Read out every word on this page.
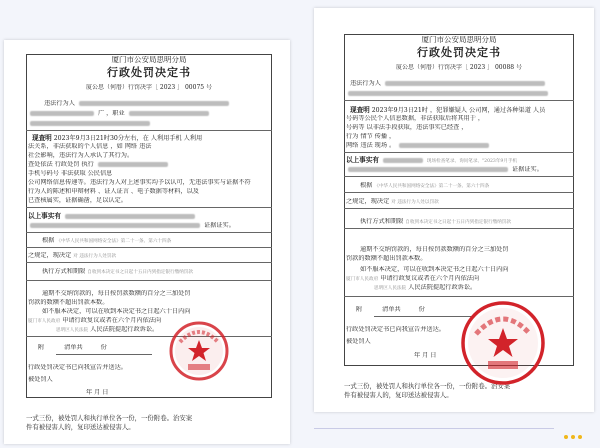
厦门市公安局思明分局
行政处罚决定书
厦公思（何厝）行罚决字［ 2023 ］ 00075 号
违法行为人
广 ，职业
现查明 2023年9月3日21时30分左右，在 人利用手机 人利用
法关系，非法获取的个人信息 ，如 网络 违法
社会影响，违法行为人承认了其行为。
查处依法 行政处罚 执行
手机号码号 非法获取 公民信息
公司网络信息传递等。违法行为人对上述事实均予以认可，无违法事实与证据不符
行为人的陈述和申辩材料 、证人证言 、电子数据等材料，以及
已查核属实，证据确凿，足以认定。
以上事实有
证据证实。
根据 《中华人民共和国网络安全法》第二十一条、第六十四条
之规定，现决定 对 违法行为人处罚款
执行方式和期限 自收到本决定书之日起十五日内到指定银行缴纳罚款
逾期不交纳罚款的，每日按罚款数额的百分之三加处罚
罚款的数额不超出罚款本数。
如不服本决定，可以在收到本决定书之日起六十日内向
厦门市人民政府 申请行政复议或者在六个月内依法向
思明区人民法院 人民法院提起行政诉讼。
附	清单共	份
行政处罚决定书已向我宣告并送达。
被处罚人
年 月 日
一式三份，被处罚人和执行单位各一份，一份附卷。治安案
件有被侵害人的，复印送达被侵害人。
厦门市公安局思明分局
行政处罚决定书
厦公思（何厝）行罚决字［ 2023 ］ 00088 号
违法行为人
现查明 2023年9月3日21时 ，犯罪嫌疑人 公司网，通过各种渠道 人员
号码等公民个人信息数据，非法获取后将其用于 ，
号码等 以非法手段获取，违法事实已经查 ，
行为 情节 传播 ，
网络 违法 现场 。
以上事实有	现场检查笔录、询问笔录、"2023年9月手机
证据证实。
根据 《中华人民共和国网络安全法》第二十一条、第六十四条
之规定，现决定 对 违法行为人处以罚款
执行方式和期限 自收到本决定书之日起十五日内到指定银行缴纳罚款
逾期不交纳罚款的，每日按罚款数额的百分之三加处罚
罚款的数额不超出罚款本数。
如不服本决定，可以在收到本决定书之日起六十日内向
厦门市人民政府 申请行政复议或者在六个月内依法向
思明区人民法院 人民法院提起行政诉讼。
附	清单共	份
行政处罚决定书已向我宣告并送达。
被处罚人
年 月 日
一式三份，被处罚人和执行单位各一份，一份附卷。治安案
件有被侵害人的，复印送达被侵害人。
